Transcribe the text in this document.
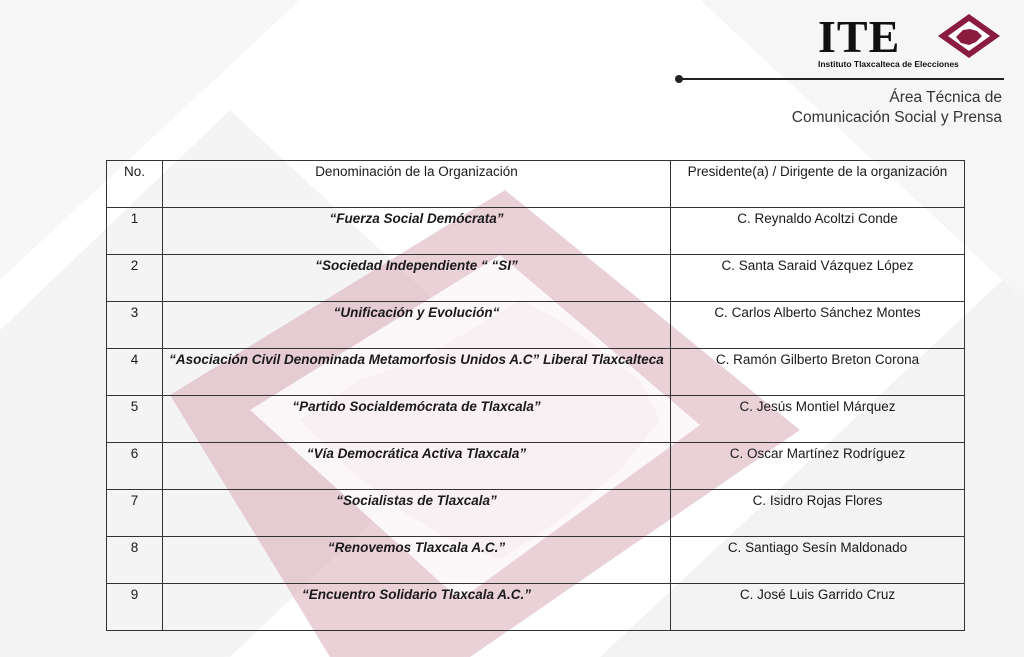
ITE
Instituto Tlaxcalteca de Elecciones
Área Técnica de
Comunicación Social y Prensa
No.	Denominación de la Organización	Presidente(a) / Dirigente de la organización
1	“Fuerza Social Demócrata”	C. Reynaldo Acoltzi Conde
2	“Sociedad Independiente “ “SI”	C. Santa Saraid Vázquez López
3	“Unificación y Evolución“	C. Carlos Alberto Sánchez Montes
4	“Asociación Civil Denominada Metamorfosis Unidos A.C” Liberal Tlaxcalteca	C. Ramón Gilberto Breton Corona
5	“Partido Socialdemócrata de Tlaxcala”	C. Jesús Montiel Márquez
6	“Vía Democrática Activa Tlaxcala”	C. Oscar Martínez Rodríguez
7	“Socialistas de Tlaxcala”	C. Isidro Rojas Flores
8	“Renovemos Tlaxcala A.C.”	C. Santiago Sesín Maldonado
9	“Encuentro Solidario Tlaxcala A.C.”	C. José Luis Garrido Cruz
